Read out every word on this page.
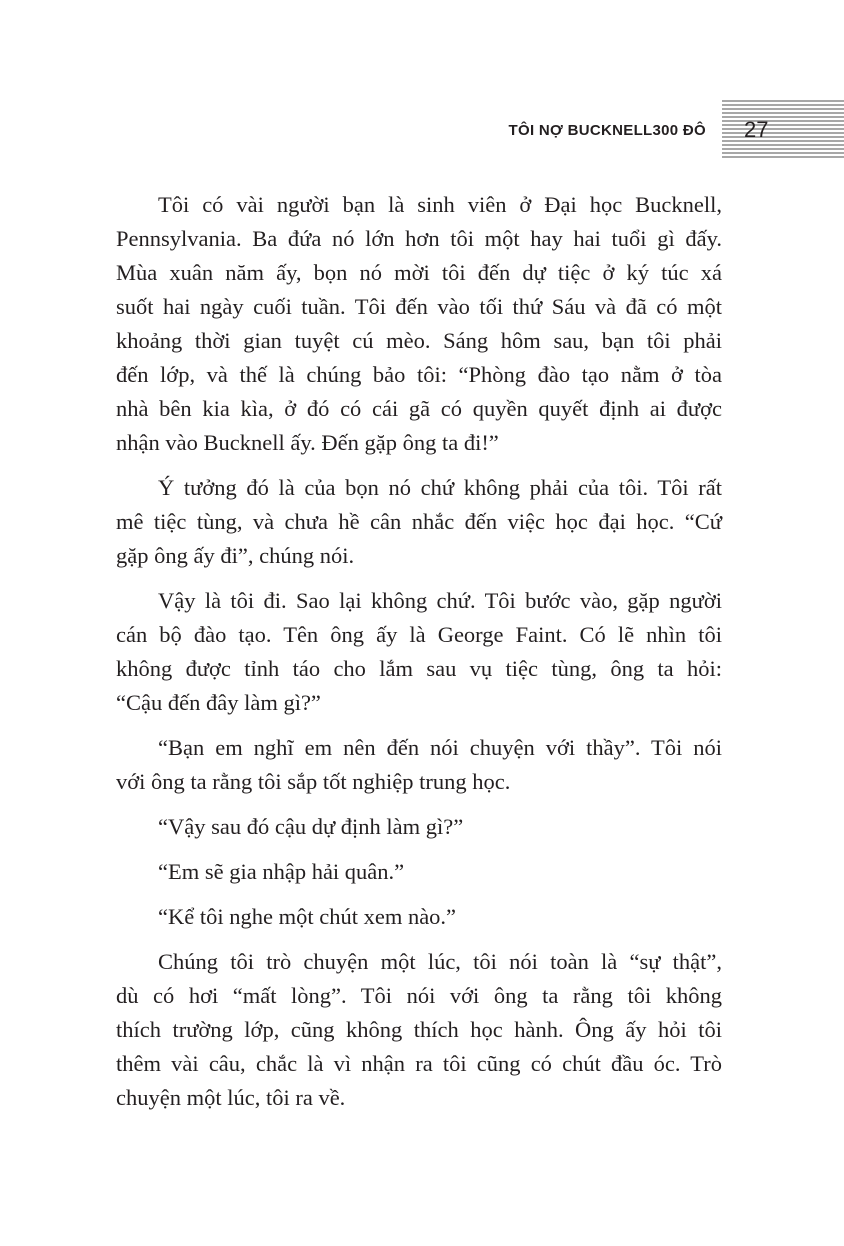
TÔI NỢ BUCKNELL300 ĐÔ 27
Tôi có vài người bạn là sinh viên ở Đại học Bucknell,
Pennsylvania. Ba đứa nó lớn hơn tôi một hay hai tuổi gì đấy.
Mùa xuân năm ấy, bọn nó mời tôi đến dự tiệc ở ký túc xá
suốt hai ngày cuối tuần. Tôi đến vào tối thứ Sáu và đã có một
khoảng thời gian tuyệt cú mèo. Sáng hôm sau, bạn tôi phải
đến lớp, và thế là chúng bảo tôi: “Phòng đào tạo nằm ở tòa
nhà bên kia kìa, ở đó có cái gã có quyền quyết định ai được
nhận vào Bucknell ấy. Đến gặp ông ta đi!”
Ý tưởng đó là của bọn nó chứ không phải của tôi. Tôi rất
mê tiệc tùng, và chưa hề cân nhắc đến việc học đại học. “Cứ
gặp ông ấy đi”, chúng nói.
Vậy là tôi đi. Sao lại không chứ. Tôi bước vào, gặp người
cán bộ đào tạo. Tên ông ấy là George Faint. Có lẽ nhìn tôi
không được tỉnh táo cho lắm sau vụ tiệc tùng, ông ta hỏi:
“Cậu đến đây làm gì?”
“Bạn em nghĩ em nên đến nói chuyện với thầy”. Tôi nói
với ông ta rằng tôi sắp tốt nghiệp trung học.
“Vậy sau đó cậu dự định làm gì?”
“Em sẽ gia nhập hải quân.”
“Kể tôi nghe một chút xem nào.”
Chúng tôi trò chuyện một lúc, tôi nói toàn là “sự thật”,
dù có hơi “mất lòng”. Tôi nói với ông ta rằng tôi không
thích trường lớp, cũng không thích học hành. Ông ấy hỏi tôi
thêm vài câu, chắc là vì nhận ra tôi cũng có chút đầu óc. Trò
chuyện một lúc, tôi ra về.
